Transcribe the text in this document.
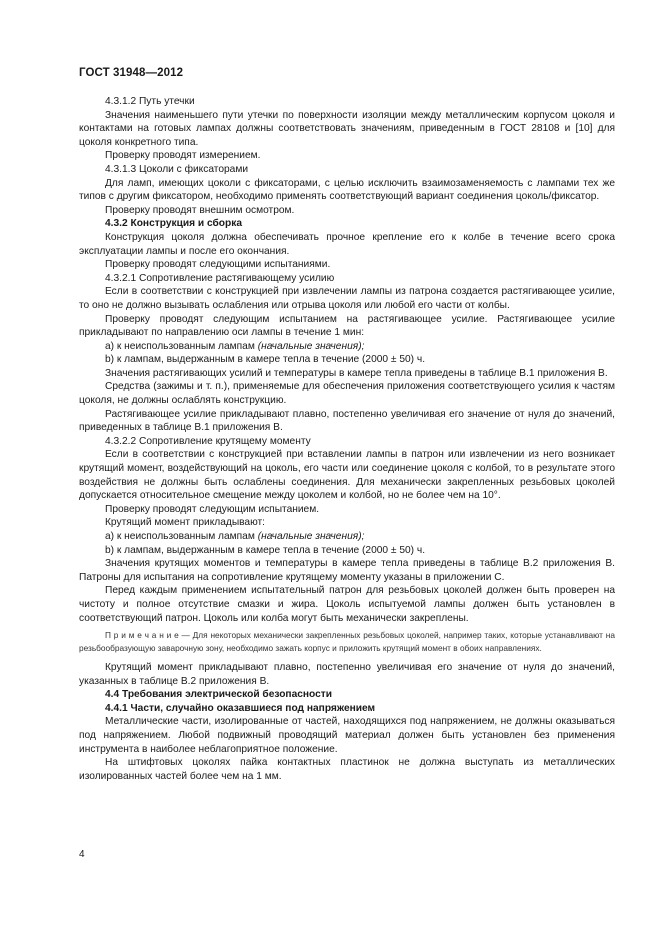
ГОСТ 31948—2012

4.3.1.2 Путь утечки

Значения наименьшего пути утечки по поверхности изоляции между металлическим корпусом цоколя и контактами на готовых лампах должны соответствовать значениям, приведенным в ГОСТ 28108 и [10] для цоколя конкретного типа.

Проверку проводят измерением.

4.3.1.3 Цоколи с фиксаторами

Для ламп, имеющих цоколи с фиксаторами, с целью исключить взаимозаменяемость с лампами тех же типов с другим фиксатором, необходимо применять соответствующий вариант соединения цоколь/фиксатор.

Проверку проводят внешним осмотром.

4.3.2 Конструкция и сборка

Конструкция цоколя должна обеспечивать прочное крепление его к колбе в течение всего срока эксплуатации лампы и после его окончания.

Проверку проводят следующими испытаниями.

4.3.2.1 Сопротивление растягивающему усилию

Если в соответствии с конструкцией при извлечении лампы из патрона создается растягивающее усилие, то оно не должно вызывать ослабления или отрыва цоколя или любой его части от колбы.

Проверку проводят следующим испытанием на растягивающее усилие. Растягивающее усилие прикладывают по направлению оси лампы в течение 1 мин:

a) к неиспользованным лампам (начальные значения);

b) к лампам, выдержанным в камере тепла в течение (2000 ± 50) ч.

Значения растягивающих усилий и температуры в камере тепла приведены в таблице В.1 приложения В.

Средства (зажимы и т. п.), применяемые для обеспечения приложения соответствующего усилия к частям цоколя, не должны ослаблять конструкцию.

Растягивающее усилие прикладывают плавно, постепенно увеличивая его значение от нуля до значений, приведенных в таблице В.1 приложения В.

4.3.2.2 Сопротивление крутящему моменту

Если в соответствии с конструкцией при вставлении лампы в патрон или извлечении из него возникает крутящий момент, воздействующий на цоколь, его части или соединение цоколя с колбой, то в результате этого воздействия не должны быть ослаблены соединения. Для механически закрепленных резьбовых цоколей допускается относительное смещение между цоколем и колбой, но не более чем на 10°.

Проверку проводят следующим испытанием.

Крутящий момент прикладывают:

a) к неиспользованным лампам (начальные значения);

b) к лампам, выдержанным в камере тепла в течение (2000 ± 50) ч.

Значения крутящих моментов и температуры в камере тепла приведены в таблице В.2 приложения В. Патроны для испытания на сопротивление крутящему моменту указаны в приложении С.

Перед каждым применением испытательный патрон для резьбовых цоколей должен быть проверен на чистоту и полное отсутствие смазки и жира. Цоколь испытуемой лампы должен быть установлен в соответствующий патрон. Цоколь или колба могут быть механически закреплены.

П р и м е ч а н и е — Для некоторых механически закрепленных резьбовых цоколей, например таких, которые устанавливают на резьбообразующую заварочную зону, необходимо зажать корпус и приложить крутящий момент в обоих направлениях.

Крутящий момент прикладывают плавно, постепенно увеличивая его значение от нуля до значений, указанных в таблице В.2 приложения В.

4.4 Требования электрической безопасности

4.4.1 Части, случайно оказавшиеся под напряжением

Металлические части, изолированные от частей, находящихся под напряжением, не должны оказываться под напряжением. Любой подвижный проводящий материал должен быть установлен без применения инструмента в наиболее неблагоприятное положение.

На штифтовых цоколях пайка контактных пластинок не должна выступать из металлических изолированных частей более чем на 1 мм.

4
